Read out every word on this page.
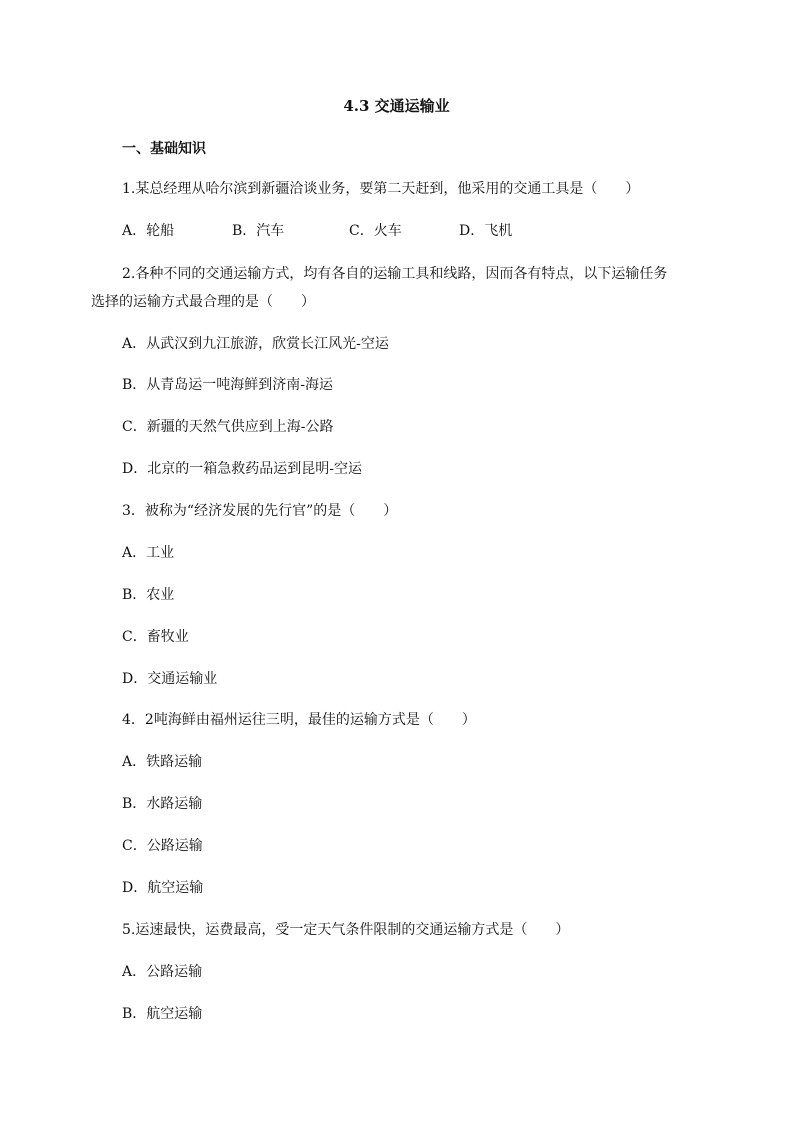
4.3 交通运输业
一、基础知识
1.某总经理从哈尔滨到新疆洽谈业务，要第二天赶到，他采用的交通工具是（　　）
A．轮船	B．汽车	C．火车	D．飞机
2.各种不同的交通运输方式，均有各自的运输工具和线路，因而各有特点，以下运输任务
选择的运输方式最合理的是（　　）
A．从武汉到九江旅游，欣赏长江风光-空运
B．从青岛运一吨海鲜到济南-海运
C．新疆的天然气供应到上海-公路
D．北京的一箱急救药品运到昆明-空运
3．被称为“经济发展的先行官”的是（　　）
A．工业
B．农业
C．畜牧业
D．交通运输业
4．2吨海鲜由福州运往三明，最佳的运输方式是（　　）
A．铁路运输
B．水路运输
C．公路运输
D．航空运输
5.运速最快，运费最高，受一定天气条件限制的交通运输方式是（　　）
A．公路运输
B．航空运输
